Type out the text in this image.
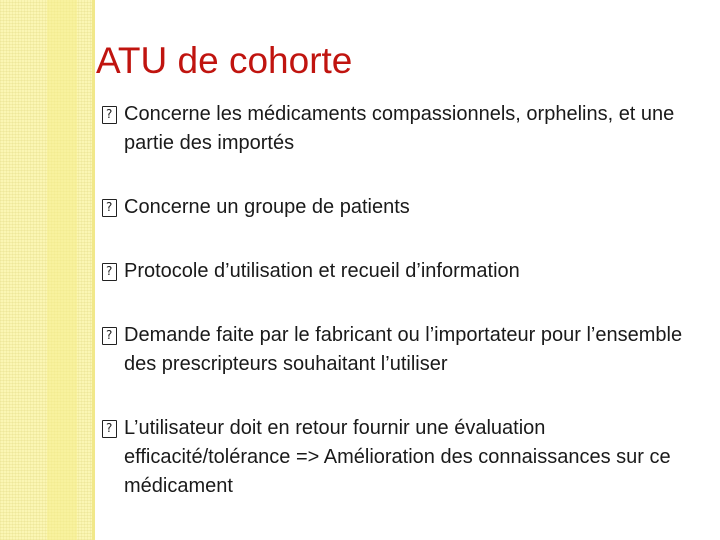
ATU de cohorte
?
Concerne les médicaments compassionnels, orphelins, et une partie des importés
?
Concerne un groupe de patients
?
Protocole d’utilisation et recueil d’information
?
Demande faite par le fabricant ou l’importateur pour l’ensemble des prescripteurs souhaitant l’utiliser
?
L’utilisateur doit en retour fournir une évaluation efficacité/tolérance => Amélioration des connaissances sur ce médicament
